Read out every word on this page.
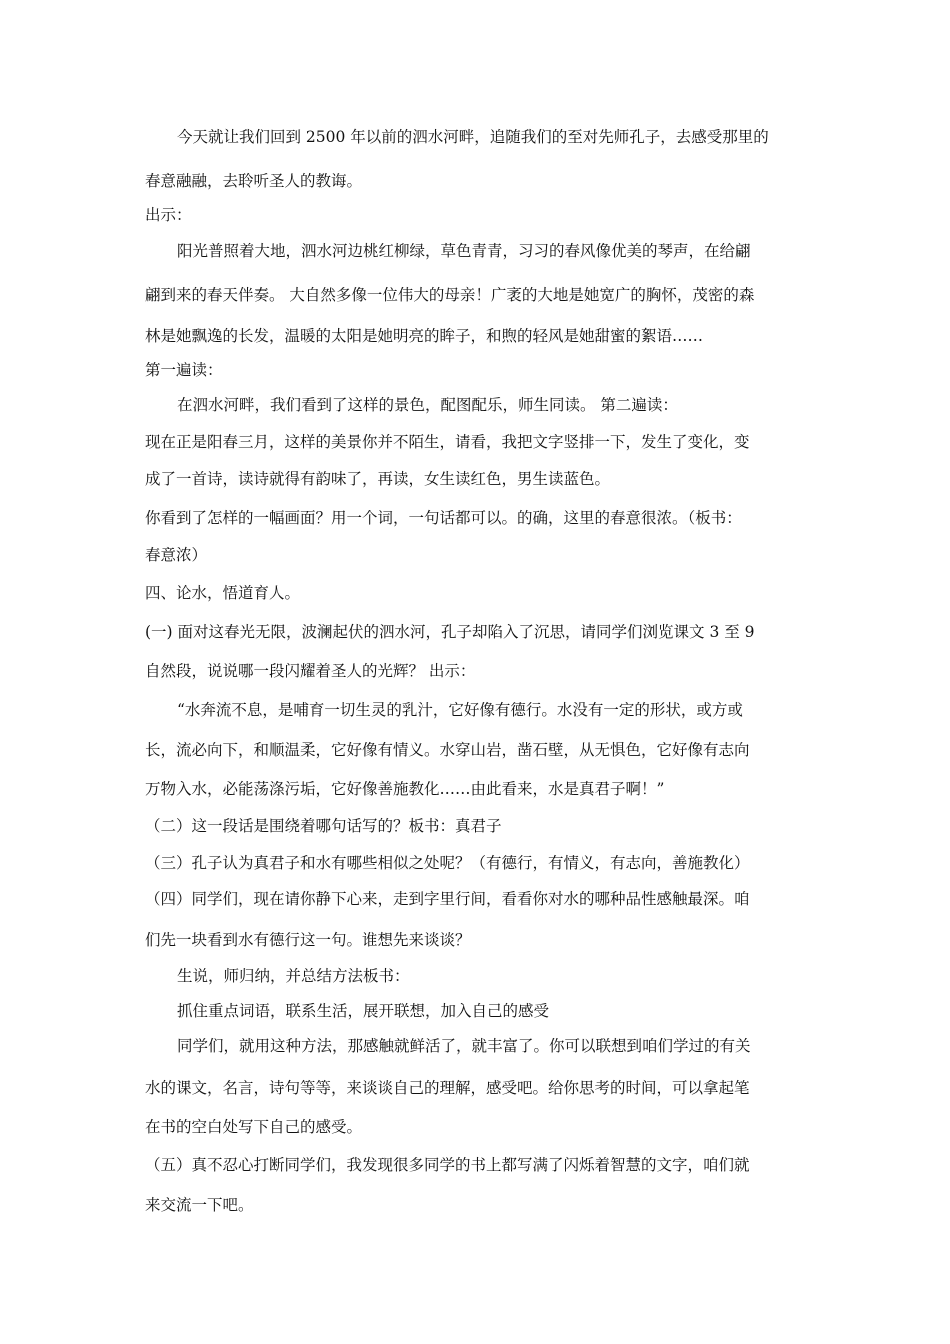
今天就让我们回到 2500 年以前的泗水河畔，追随我们的至对先师孔子，去感受那里的
春意融融，去聆听圣人的教诲。
出示：
阳光普照着大地，泗水河边桃红柳绿，草色青青，习习的春风像优美的琴声，在给翩
翩到来的春天伴奏。 大自然多像一位伟大的母亲！广袤的大地是她宽广的胸怀，茂密的森
林是她飘逸的长发，温暖的太阳是她明亮的眸子，和煦的轻风是她甜蜜的絮语……
第一遍读：
在泗水河畔，我们看到了这样的景色，配图配乐，师生同读。 第二遍读：
现在正是阳春三月，这样的美景你并不陌生，请看，我把文字竖排一下，发生了变化，变
成了一首诗，读诗就得有韵味了，再读，女生读红色，男生读蓝色。
你看到了怎样的一幅画面？用一个词，一句话都可以。的确，这里的春意很浓。（板书：
春意浓）
四、论水，悟道育人。
(一) 面对这春光无限，波澜起伏的泗水河，孔子却陷入了沉思，请同学们浏览课文 3 至 9
自然段，说说哪一段闪耀着圣人的光辉？ 出示：
“水奔流不息，是哺育一切生灵的乳汁，它好像有德行。水没有一定的形状，或方或
长，流必向下，和顺温柔，它好像有情义。水穿山岩，凿石壁，从无惧色，它好像有志向
万物入水，必能荡涤污垢，它好像善施教化……由此看来，水是真君子啊！”
（二）这一段话是围绕着哪句话写的？板书：真君子
（三）孔子认为真君子和水有哪些相似之处呢？（有德行，有情义，有志向，善施教化）
（四）同学们，现在请你静下心来，走到字里行间，看看你对水的哪种品性感触最深。咱
们先一块看到水有德行这一句。谁想先来谈谈？
生说，师归纳，并总结方法板书：
抓住重点词语，联系生活，展开联想，加入自己的感受
同学们，就用这种方法，那感触就鲜活了，就丰富了。你可以联想到咱们学过的有关
水的课文，名言，诗句等等，来谈谈自己的理解，感受吧。给你思考的时间，可以拿起笔
在书的空白处写下自己的感受。
（五）真不忍心打断同学们，我发现很多同学的书上都写满了闪烁着智慧的文字，咱们就
来交流一下吧。
